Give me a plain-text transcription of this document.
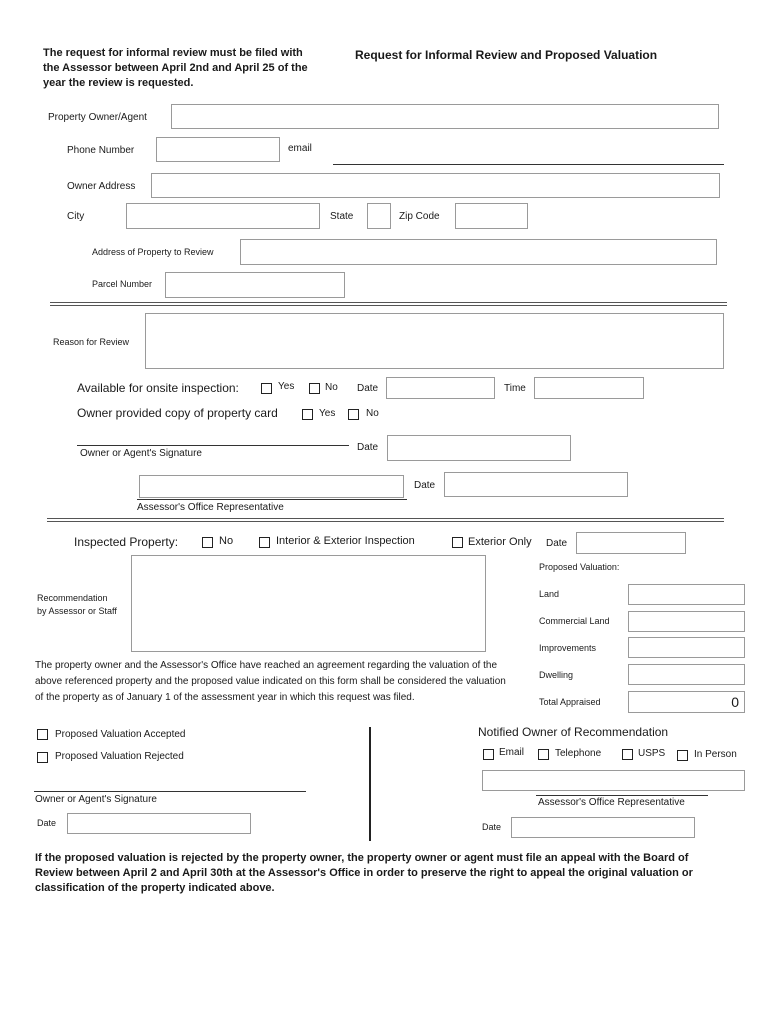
The request for informal review must be filed with the Assessor between April 2nd and April 25 of the year the review is requested.
Request for Informal Review and Proposed Valuation
Property Owner/Agent
Phone Number	email
Owner Address
City	State	Zip Code
Address of Property to Review
Parcel Number
Reason for Review
Available for onsite inspection:	Yes	No Date	Time
Owner provided copy of property card	Yes	No
Owner or Agent's Signature
Date
Assessor's Office Representative
Date
Inspected Property:	No	Interior & Exterior Inspection	Exterior Only Date
Recommendation
by Assessor or Staff
Proposed Valuation:
Land
Commercial Land
Improvements
Dwelling
Total Appraised	0
The property owner and the Assessor's Office have reached an agreement regarding the valuation of the above referenced property and the proposed value indicated on this form shall be considered the valuation of the property as of January 1 of the assessment year in which this request was filed.
Proposed Valuation Accepted
Proposed Valuation Rejected
Owner or Agent's Signature
Date
Notified Owner of Recommendation
Email	Telephone	USPS	In Person
Assessor's Office Representative
Date
If the proposed valuation is rejected by the property owner, the property owner or agent must file an appeal with the Board of Review between April 2 and April 30th at the Assessor's Office in order to preserve the right to appeal the original valuation or classification of the property indicated above.
